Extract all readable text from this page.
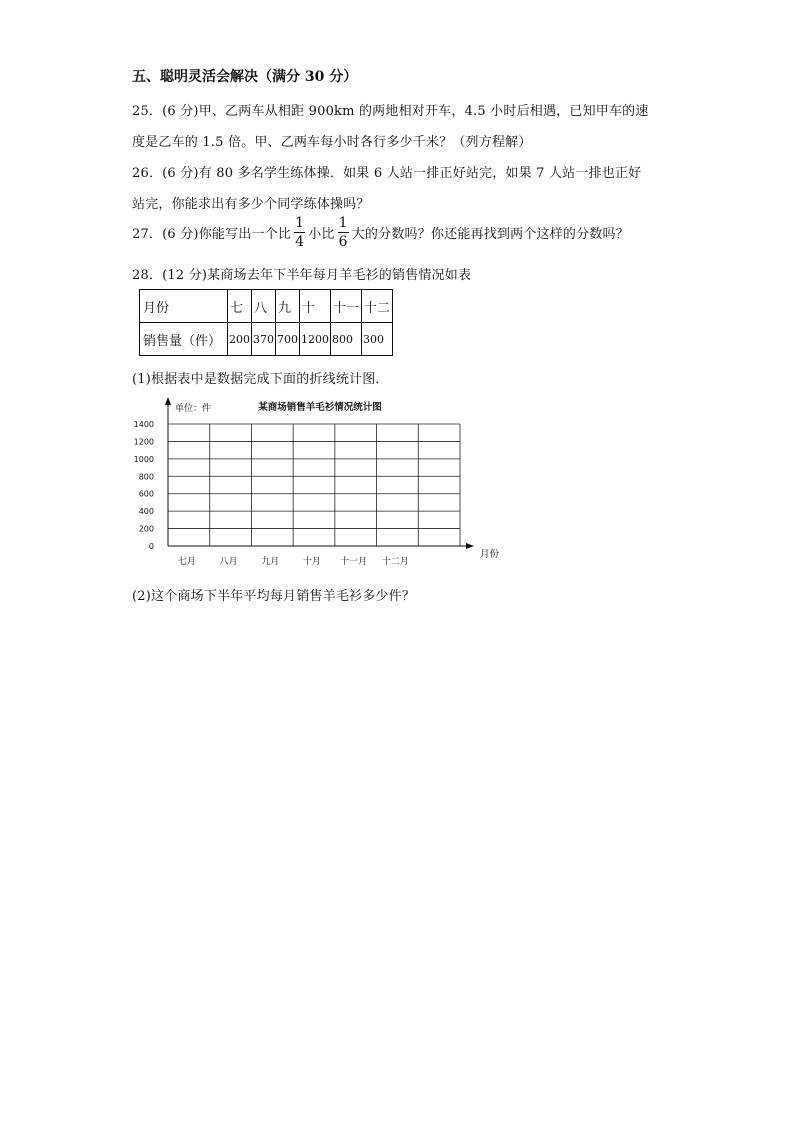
五、聪明灵活会解决（满分 30 分）
25．(6 分)甲、乙两车从相距 900km 的两地相对开车，4.5 小时后相遇，已知甲车的速
度是乙车的 1.5 倍。甲、乙两车每小时各行多少千米？（列方程解）
26．(6 分)有 80 多名学生练体操．如果 6 人站一排正好站完，如果 7 人站一排也正好
站完，你能求出有多少个同学练体操吗？
27．(6 分)你能写出一个比 $\frac{1}{4}$ 小比 $\frac{1}{6}$ 大的分数吗？你还能再找到两个这样的分数吗？
28．(12 分)某商场去年下半年每月羊毛衫的销售情况如表
月份	七	八	九	十	十一	十二
销售量（件）	200	370	700	1200	800	300
(1)根据表中是数据完成下面的折线统计图．
0
200
400
600
800
1000
1200
1400
七月	八月	九月	十月 十一月 十二月
单位：件	某商场销售羊毛衫情况统计图
月份
(2)这个商场下半年平均每月销售羊毛衫多少件？
